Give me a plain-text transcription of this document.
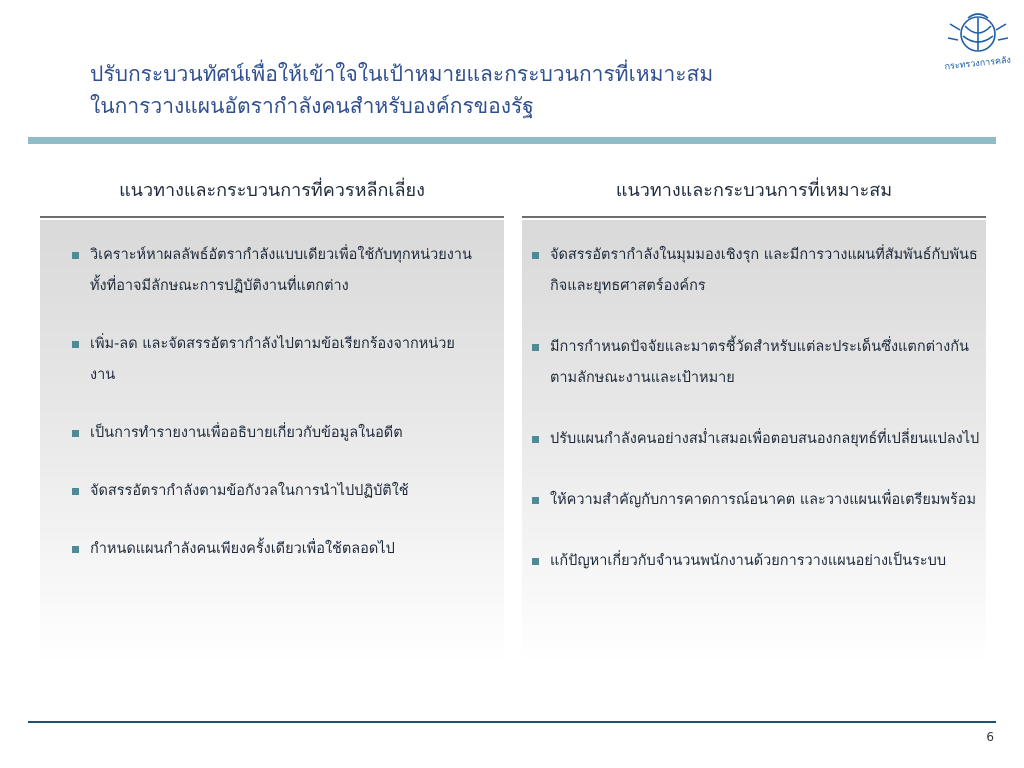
ปรับกระบวนทัศน์เพื่อให้เข้าใจในเป้าหมายและกระบวนการที่เหมาะสม
ในการวางแผนอัตรากำลังคนสำหรับองค์กรของรัฐ
กระทรวงการคลัง
แนวทางและกระบวนการที่ควรหลีกเลี่ยง
วิเคราะห์หาผลลัพธ์อัตรากำลังแบบเดียวเพื่อใช้กับทุกหน่วยงานทั้งที่อาจมีลักษณะการปฏิบัติงานที่แตกต่าง
เพิ่ม-ลด และจัดสรรอัตรากำลังไปตามข้อเรียกร้องจากหน่วยงาน
เป็นการทำรายงานเพื่ออธิบายเกี่ยวกับข้อมูลในอดีต
จัดสรรอัตรากำลังตามข้อกังวลในการนำไปปฏิบัติใช้
กำหนดแผนกำลังคนเพียงครั้งเดียวเพื่อใช้ตลอดไป
แนวทางและกระบวนการที่เหมาะสม
จัดสรรอัตรากำลังในมุมมองเชิงรุก และมีการวางแผนที่สัมพันธ์กับพันธกิจและยุทธศาสตร์องค์กร
มีการกำหนดปัจจัยและมาตรชี้วัดสำหรับแต่ละประเด็นซึ่งแตกต่างกันตามลักษณะงานและเป้าหมาย
ปรับแผนกำลังคนอย่างสม่ำเสมอเพื่อตอบสนองกลยุทธ์ที่เปลี่ยนแปลงไป
ให้ความสำคัญกับการคาดการณ์อนาคต และวางแผนเพื่อเตรียมพร้อม
แก้ปัญหาเกี่ยวกับจำนวนพนักงานด้วยการวางแผนอย่างเป็นระบบ
6
